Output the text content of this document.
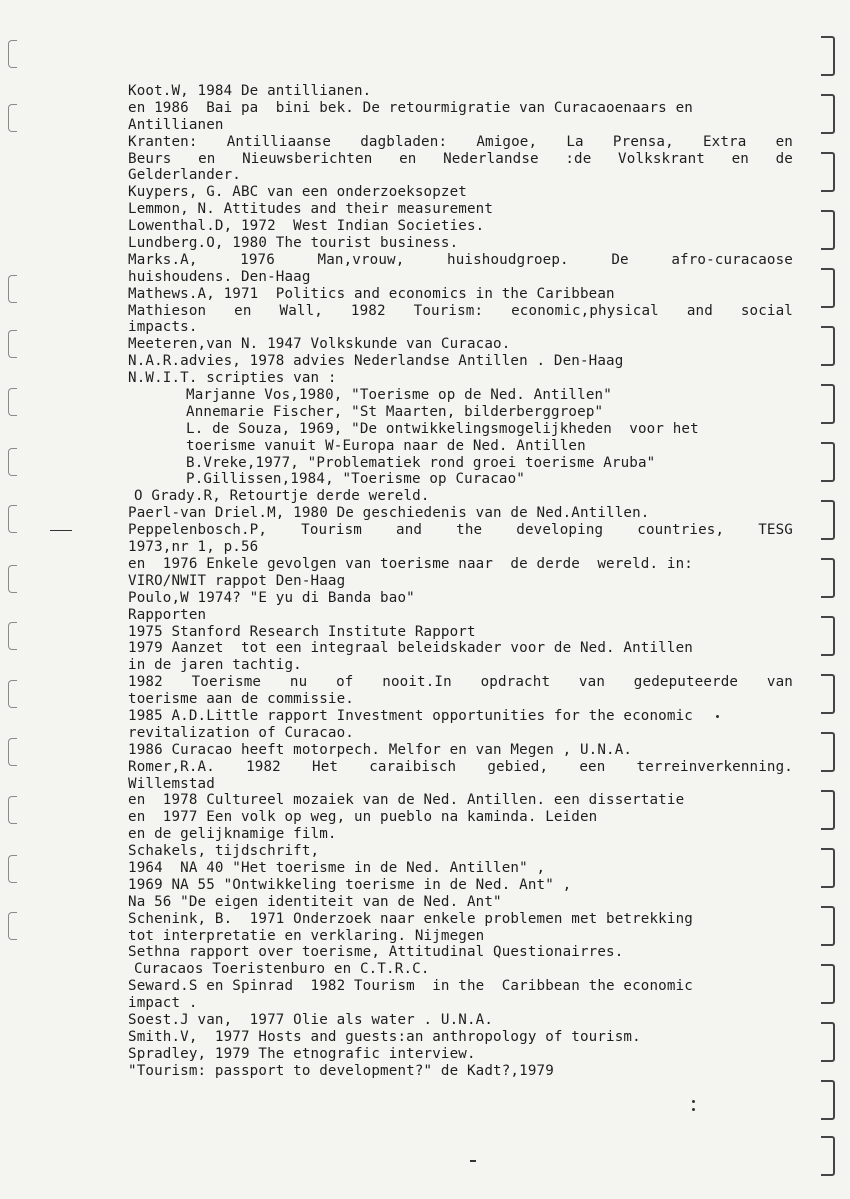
Koot.W, 1984 De antillianen.
en 1986  Bai pa  bini bek. De retourmigratie van Curacaoenaars en
Antillianen
Kranten: Antilliaanse dagbladen: Amigoe, La Prensa, Extra en
Beurs en Nieuwsberichten en Nederlandse :de Volkskrant en de
Gelderlander.
Kuypers, G. ABC van een onderzoeksopzet
Lemmon, N. Attitudes and their measurement
Lowenthal.D, 1972  West Indian Societies.
Lundberg.O, 1980 The tourist business.
Marks.A, 1976 Man,vrouw, huishoudgroep. De afro-curacaose
huishoudens. Den-Haag
Mathews.A, 1971  Politics and economics in the Caribbean
Mathieson en Wall, 1982 Tourism: economic,physical and social
impacts.
Meeteren,van N. 1947 Volkskunde van Curacao.
N.A.R.advies, 1978 advies Nederlandse Antillen . Den-Haag
N.W.I.T. scripties van :
Marjanne Vos,1980, "Toerisme op de Ned. Antillen"
Annemarie Fischer, "St Maarten, bilderberggroep"
L. de Souza, 1969, "De ontwikkelingsmogelijkheden  voor het
toerisme vanuit W-Europa naar de Ned. Antillen
B.Vreke,1977, "Problematiek rond groei toerisme Aruba"
P.Gillissen,1984, "Toerisme op Curacao"
O Grady.R, Retourtje derde wereld.
Paerl-van Driel.M, 1980 De geschiedenis van de Ned.Antillen.
Peppelenbosch.P, Tourism and the developing countries, TESG
1973,nr 1, p.56
en  1976 Enkele gevolgen van toerisme naar  de derde  wereld. in:
VIRO/NWIT rappot Den-Haag
Poulo,W 1974? "E yu di Banda bao"
Rapporten
1975 Stanford Research Institute Rapport
1979 Aanzet  tot een integraal beleidskader voor de Ned. Antillen
in de jaren tachtig.
1982 Toerisme nu of nooit.In opdracht van gedeputeerde van
toerisme aan de commissie.
1985 A.D.Little rapport Investment opportunities for the economic
revitalization of Curacao.
1986 Curacao heeft motorpech. Melfor en van Megen , U.N.A.
Romer,R.A. 1982 Het caraibisch gebied, een terreinverkenning.
Willemstad
en  1978 Cultureel mozaiek van de Ned. Antillen. een dissertatie
en  1977 Een volk op weg, un pueblo na kaminda. Leiden
en de gelijknamige film.
Schakels, tijdschrift,
1964  NA 40 "Het toerisme in de Ned. Antillen" ,
1969 NA 55 "Ontwikkeling toerisme in de Ned. Ant" ,
Na 56 "De eigen identiteit van de Ned. Ant"
Schenink, B.  1971 Onderzoek naar enkele problemen met betrekking
tot interpretatie en verklaring. Nijmegen
Sethna rapport over toerisme, Attitudinal Questionairres.
Curacaos Toeristenburo en C.T.R.C.
Seward.S en Spinrad  1982 Tourism  in the  Caribbean the economic
impact .
Soest.J van,  1977 Olie als water . U.N.A.
Smith.V,  1977 Hosts and guests:an anthropology of tourism.
Spradley, 1979 The etnografic interview.
"Tourism: passport to development?" de Kadt?,1979
